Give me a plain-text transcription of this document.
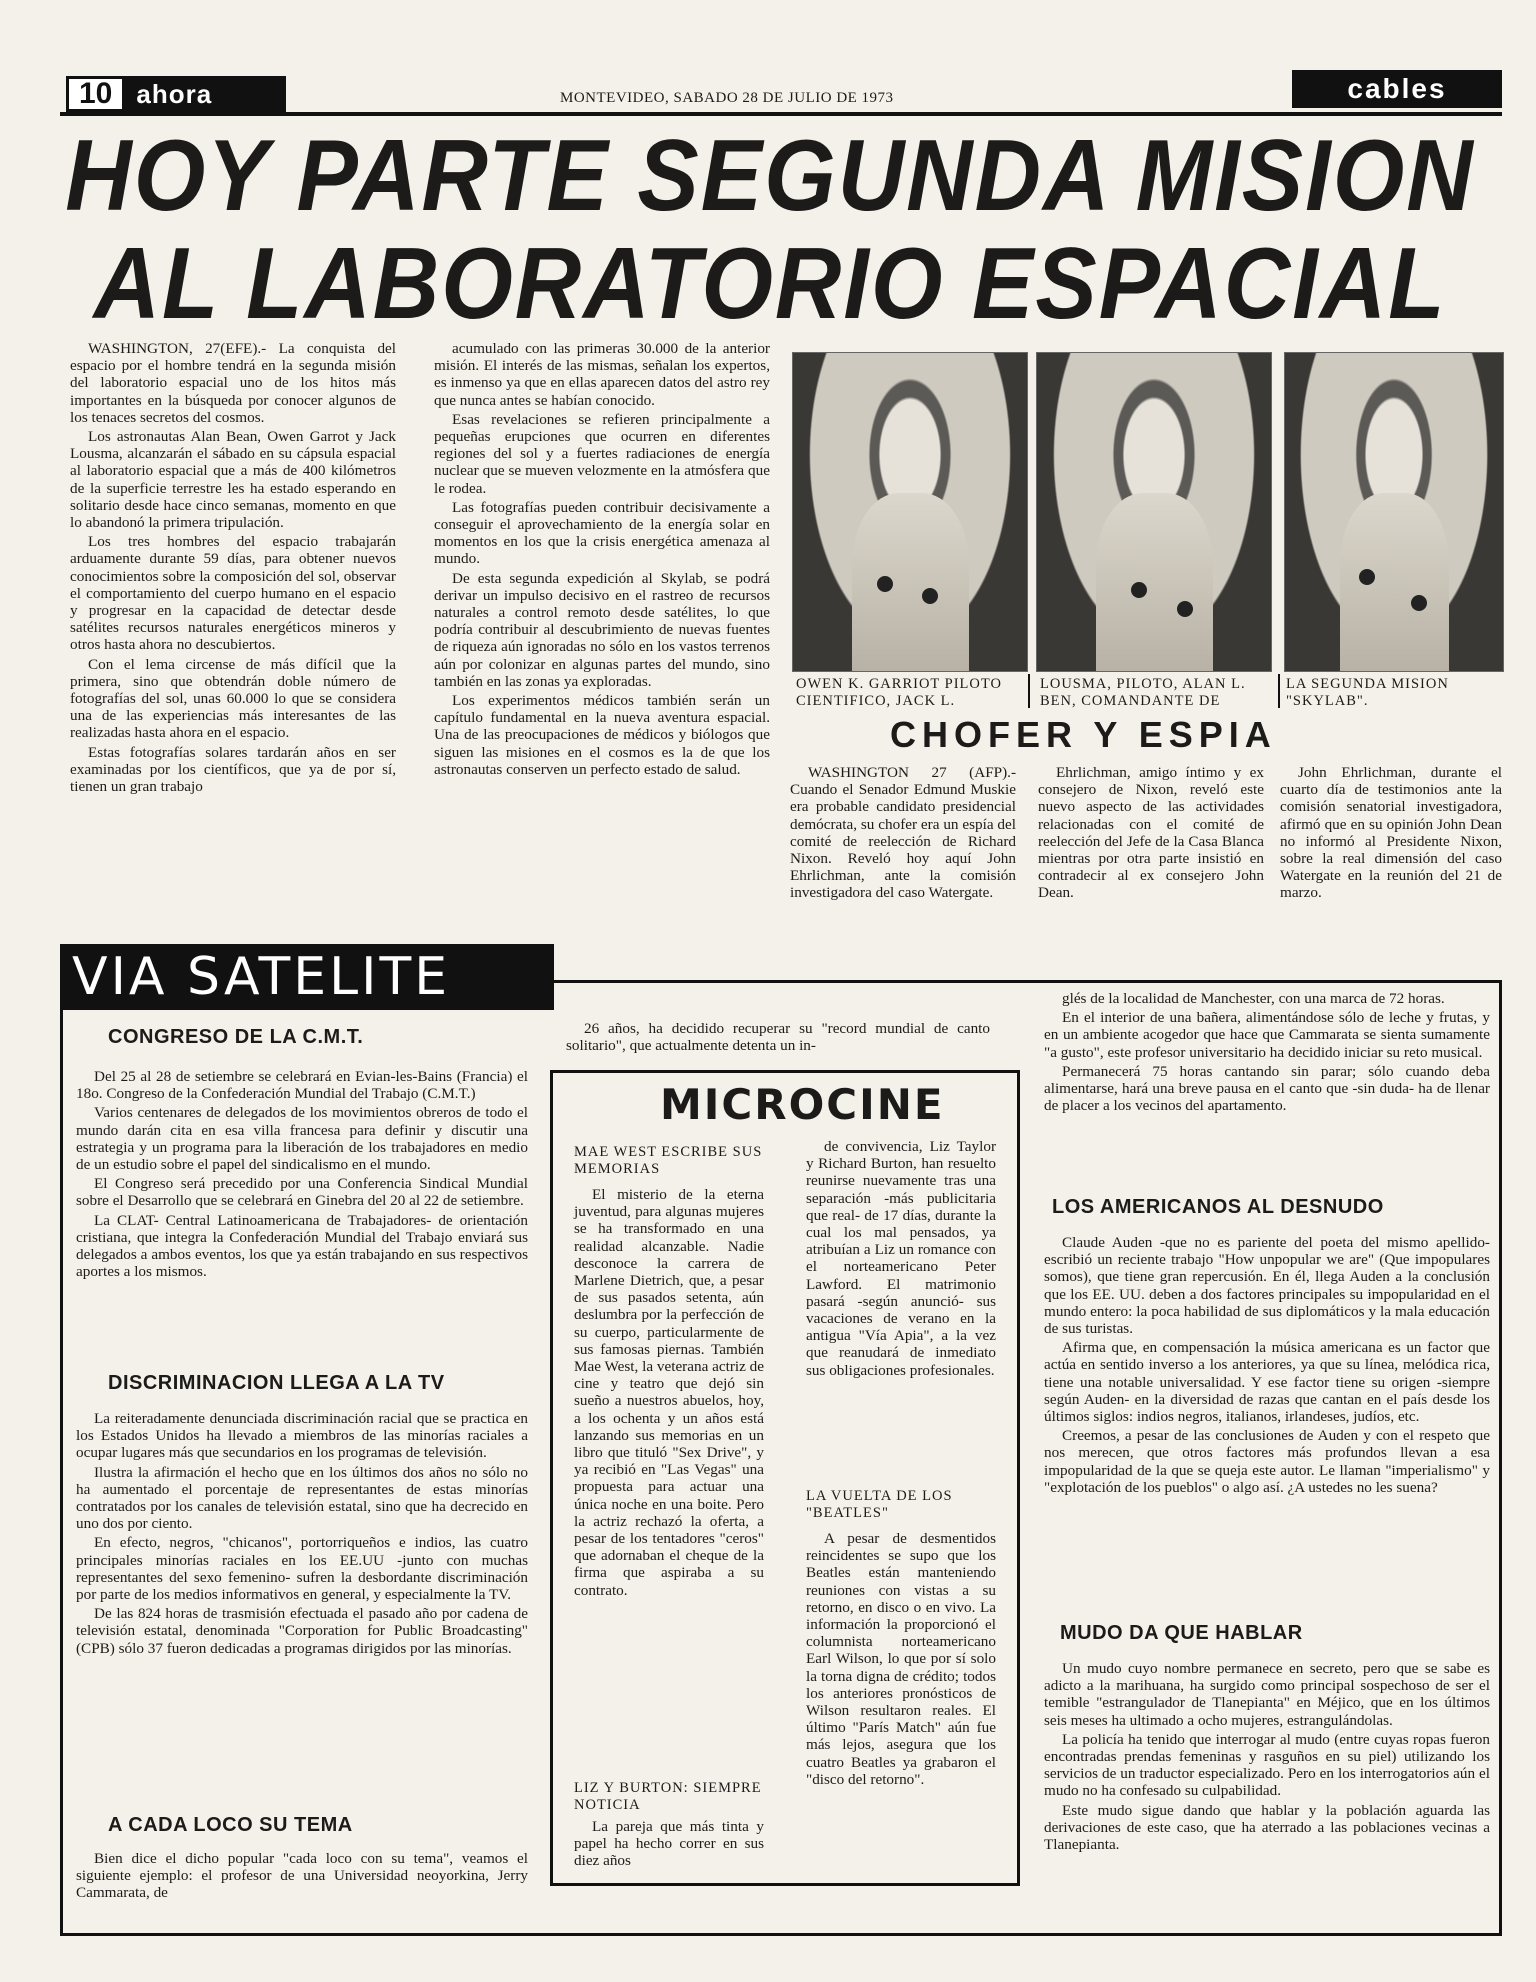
10 ahora	MONTEVIDEO, SABADO 28 DE JULIO DE 1973	cables
HOY PARTE SEGUNDA MISION
AL LABORATORIO ESPACIAL

WASHINGTON, 27(EFE).- La conquista del espacio por el hombre tendrá en la segunda misión del laboratorio espacial uno de los hitos más importantes en la búsqueda por conocer algunos de los tenaces secretos del cosmos.

Los astronautas Alan Bean, Owen Garrot y Jack Lousma, alcanzarán el sábado en su cápsula espacial al laboratorio espacial que a más de 400 kilómetros de la superficie terrestre les ha estado esperando en solitario desde hace cinco semanas, momento en que lo abandonó la primera tripulación.

Los tres hombres del espacio trabajarán arduamente durante 59 días, para obtener nuevos conocimientos sobre la composición del sol, observar el comportamiento del cuerpo humano en el espacio y progresar en la capacidad de detectar desde satélites recursos naturales energéticos mineros y otros hasta ahora no descubiertos.

Con el lema circense de más difícil que la primera, sino que obtendrán doble número de fotografías del sol, unas 60.000 lo que se considera una de las experiencias más interesantes de las realizadas hasta ahora en el espacio.

Estas fotografías solares tardarán años en ser examinadas por los científicos, que ya de por sí, tienen un gran trabajo

acumulado con las primeras 30.000 de la anterior misión. El interés de las mismas, señalan los expertos, es inmenso ya que en ellas aparecen datos del astro rey que nunca antes se habían conocido.

Esas revelaciones se refieren principalmente a pequeñas erupciones que ocurren en diferentes regiones del sol y a fuertes radiaciones de energía nuclear que se mueven velozmente en la atmósfera que le rodea.

Las fotografías pueden contribuir decisivamente a conseguir el aprovechamiento de la energía solar en momentos en los que la crisis energética amenaza al mundo.

De esta segunda expedición al Skylab, se podrá derivar un impulso decisivo en el rastreo de recursos naturales a control remoto desde satélites, lo que podría contribuir al descubrimiento de nuevas fuentes de riqueza aún ignoradas no sólo en los vastos terrenos aún por colonizar en algunas partes del mundo, sino también en las zonas ya exploradas.

Los experimentos médicos también serán un capítulo fundamental en la nueva aventura espacial. Una de las preocupaciones de médicos y biólogos que siguen las misiones en el cosmos es la de que los astronautas conserven un perfecto estado de salud.

OWEN K. GARRIOT PILOTO CIENTIFICO, JACK L.
LOUSMA, PILOTO, ALAN L. BEN, COMANDANTE DE
LA SEGUNDA MISION "SKYLAB".
CHOFER Y ESPIA

WASHINGTON 27 (AFP).- Cuando el Senador Edmund Muskie era probable candidato presidencial demócrata, su chofer era un espía del comité de reelección de Richard Nixon. Reveló hoy aquí John Ehrlichman, ante la comisión investigadora del caso Watergate.

Ehrlichman, amigo íntimo y ex consejero de Nixon, reveló este nuevo aspecto de las actividades relacionadas con el comité de reelección del Jefe de la Casa Blanca mientras por otra parte insistió en contradecir al ex consejero John Dean.

John Ehrlichman, durante el cuarto día de testimonios ante la comisión senatorial investigadora, afirmó que en su opinión John Dean no informó al Presidente Nixon, sobre la real dimensión del caso Watergate en la reunión del 21 de marzo.

VIA SATELITE
CONGRESO DE LA C.M.T.

Del 25 al 28 de setiembre se celebrará en Evian-les-Bains (Francia) el 18o. Congreso de la Confederación Mundial del Trabajo (C.M.T.)

Varios centenares de delegados de los movimientos obreros de todo el mundo darán cita en esa villa francesa para definir y discutir una estrategia y un programa para la liberación de los trabajadores en medio de un estudio sobre el papel del sindicalismo en el mundo.

El Congreso será precedido por una Conferencia Sindical Mundial sobre el Desarrollo que se celebrará en Ginebra del 20 al 22 de setiembre.

La CLAT- Central Latinoamericana de Trabajadores- de orientación cristiana, que integra la Confederación Mundial del Trabajo enviará sus delegados a ambos eventos, los que ya están trabajando en sus respectivos aportes a los mismos.

DISCRIMINACION LLEGA A LA TV

La reiteradamente denunciada discriminación racial que se practica en los Estados Unidos ha llevado a miembros de las minorías raciales a ocupar lugares más que secundarios en los programas de televisión.

Ilustra la afirmación el hecho que en los últimos dos años no sólo no ha aumentado el porcentaje de representantes de estas minorías contratados por los canales de televisión estatal, sino que ha decrecido en uno dos por ciento.

En efecto, negros, "chicanos", portorriqueños e indios, las cuatro principales minorías raciales en los EE.UU -junto con muchas representantes del sexo femenino- sufren la desbordante discriminación por parte de los medios informativos en general, y especialmente la TV.

De las 824 horas de trasmisión efectuada el pasado año por cadena de televisión estatal, denominada "Corporation for Public Broadcasting" (CPB) sólo 37 fueron dedicadas a programas dirigidos por las minorías.

A CADA LOCO SU TEMA

Bien dice el dicho popular "cada loco con su tema", veamos el siguiente ejemplo: el profesor de una Universidad neoyorkina, Jerry Cammarata, de

26 años, ha decidido recuperar su "record mundial de canto solitario", que actualmente detenta un in-

MICROCINE
MAE WEST ESCRIBE SUS MEMORIAS

El misterio de la eterna juventud, para algunas mujeres se ha transformado en una realidad alcanzable. Nadie desconoce la carrera de Marlene Dietrich, que, a pesar de sus pasados setenta, aún deslumbra por la perfección de su cuerpo, particularmente de sus famosas piernas. También Mae West, la veterana actriz de cine y teatro que dejó sin sueño a nuestros abuelos, hoy, a los ochenta y un años está lanzando sus memorias en un libro que tituló "Sex Drive", y ya recibió en "Las Vegas" una propuesta para actuar una única noche en una boite. Pero la actriz rechazó la oferta, a pesar de los tentadores "ceros" que adornaban el cheque de la firma que aspiraba a su contrato.

LIZ Y BURTON: SIEMPRE NOTICIA

La pareja que más tinta y papel ha hecho correr en sus diez años

de convivencia, Liz Taylor y Richard Burton, han resuelto reunirse nuevamente tras una separación -más publicitaria que real- de 17 días, durante la cual los mal pensados, ya atribuían a Liz un romance con el norteamericano Peter Lawford. El matrimonio pasará -según anunció- sus vacaciones de verano en la antigua "Vía Apia", a la vez que reanudará de inmediato sus obligaciones profesionales.

LA VUELTA DE LOS "BEATLES"

A pesar de desmentidos reincidentes se supo que los Beatles están manteniendo reuniones con vistas a su retorno, en disco o en vivo. La información la proporcionó el columnista norteamericano Earl Wilson, lo que por sí solo la torna digna de crédito; todos los anteriores pronósticos de Wilson resultaron reales. El último "París Match" aún fue más lejos, asegura que los cuatro Beatles ya grabaron el "disco del retorno".

glés de la localidad de Manchester, con una marca de 72 horas.

En el interior de una bañera, alimentándose sólo de leche y frutas, y en un ambiente acogedor que hace que Cammarata se sienta sumamente "a gusto", este profesor universitario ha decidido iniciar su reto musical.

Permanecerá 75 horas cantando sin parar; sólo cuando deba alimentarse, hará una breve pausa en el canto que -sin duda- ha de llenar de placer a los vecinos del apartamento.

LOS AMERICANOS AL DESNUDO

Claude Auden -que no es pariente del poeta del mismo apellido- escribió un reciente trabajo "How unpopular we are" (Que impopulares somos), que tiene gran repercusión. En él, llega Auden a la conclusión que los EE. UU. deben a dos factores principales su impopularidad en el mundo entero: la poca habilidad de sus diplomáticos y la mala educación de sus turistas.

Afirma que, en compensación la música americana es un factor que actúa en sentido inverso a los anteriores, ya que su línea, melódica rica, tiene una notable universalidad. Y ese factor tiene su origen -siempre según Auden- en la diversidad de razas que cantan en el país desde los últimos siglos: indios negros, italianos, irlandeses, judíos, etc.

Creemos, a pesar de las conclusiones de Auden y con el respeto que nos merecen, que otros factores más profundos llevan a esa impopularidad de la que se queja este autor. Le llaman "imperialismo" y "explotación de los pueblos" o algo así. ¿A ustedes no les suena?

MUDO DA QUE HABLAR

Un mudo cuyo nombre permanece en secreto, pero que se sabe es adicto a la marihuana, ha surgido como principal sospechoso de ser el temible "estrangulador de Tlanepianta" en Méjico, que en los últimos seis meses ha ultimado a ocho mujeres, estrangulándolas.

La policía ha tenido que interrogar al mudo (entre cuyas ropas fueron encontradas prendas femeninas y rasguños en su piel) utilizando los servicios de un traductor especializado. Pero en los interrogatorios aún el mudo no ha confesado su culpabilidad.

Este mudo sigue dando que hablar y la población aguarda las derivaciones de este caso, que ha aterrado a las poblaciones vecinas a Tlanepianta.
